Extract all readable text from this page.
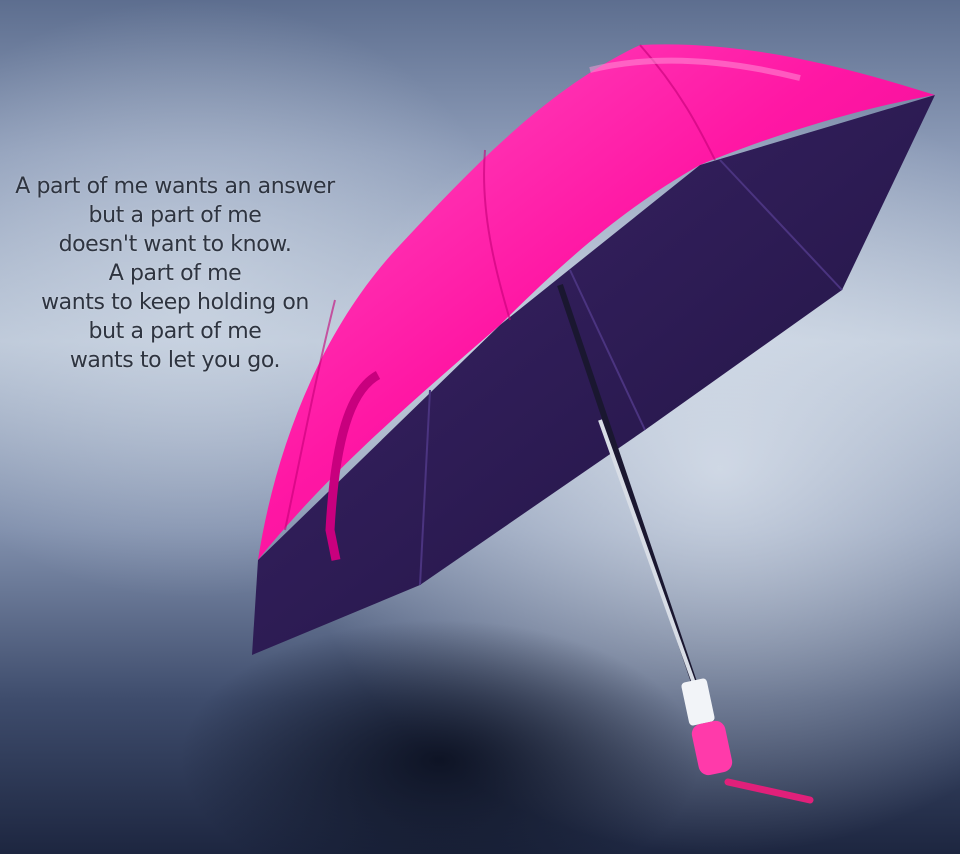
A part of me wants an answer
but a part of me
doesn't want to know.
A part of me
wants to keep holding on
but a part of me
wants to let you go.
